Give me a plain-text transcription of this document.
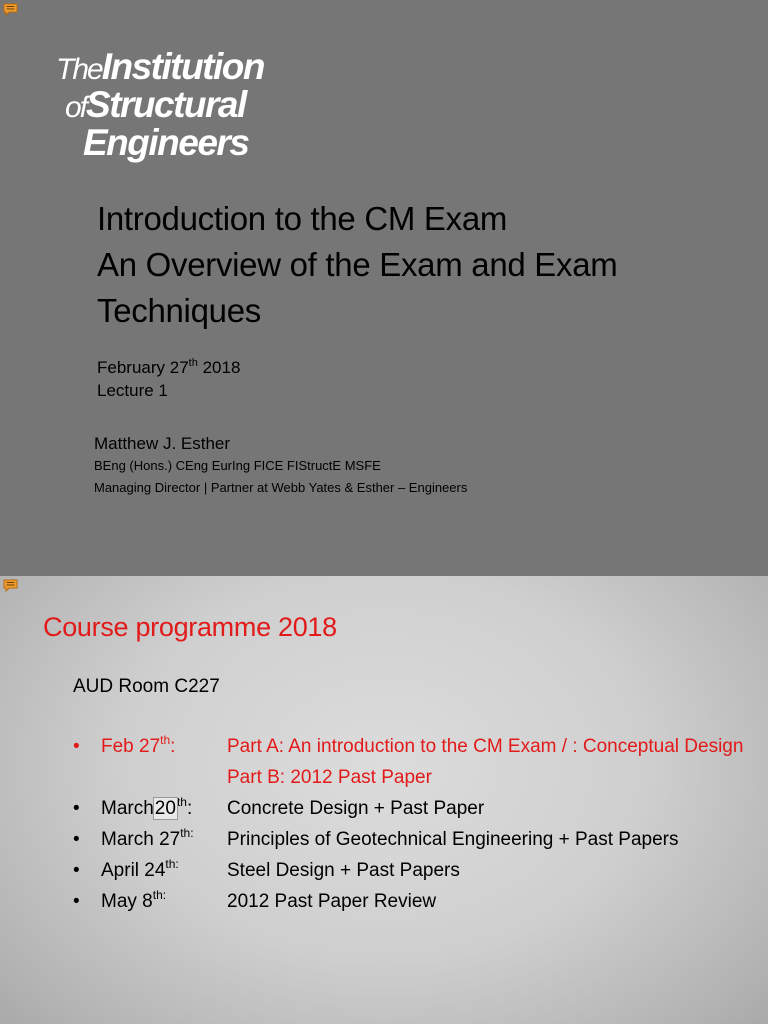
TheInstitution
ofStructural
Engineers
Introduction to the CM Exam
An Overview of the Exam and Exam
Techniques
February 27th 2018
Lecture 1
Matthew J. Esther
BEng (Hons.) CEng EurIng FICE FIStructE MSFE
Managing Director | Partner at Webb Yates & Esther – Engineers
Course programme 2018
AUD Room C227
• Feb 27th:	Part A: An introduction to the CM Exam / : Conceptual Design
Part B: 2012 Past Paper
• March20th: Concrete Design + Past Paper
• March $27^{th:}$ Principles of Geotechnical Engineering + Past Papers
• April $24^{th:}$	Steel Design + Past Papers
• May $8^{th:}$	2012 Past Paper Review
